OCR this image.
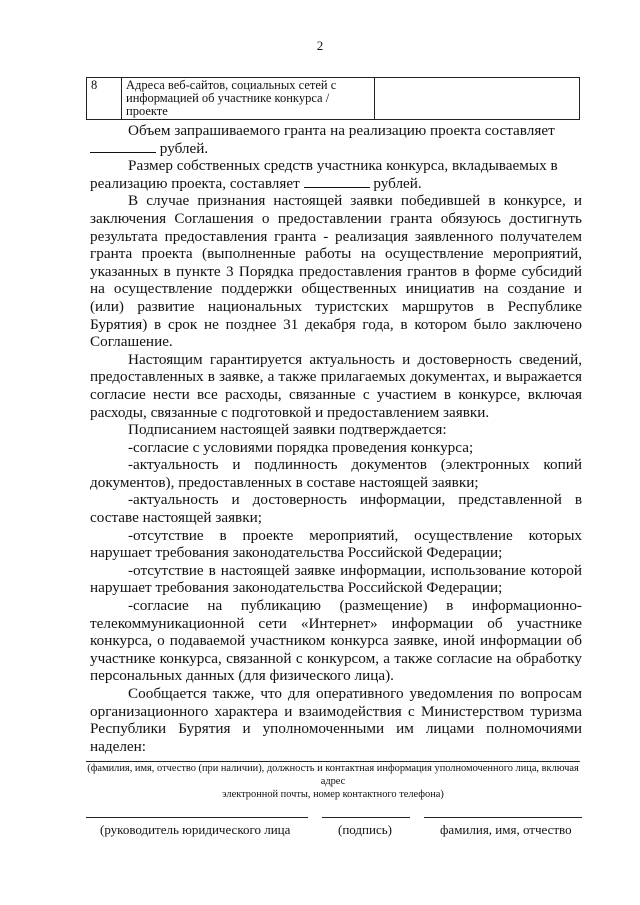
2
8	Адреса веб-сайтов, социальных сетей с
информацией об участнике конкурса /
проекте

Объем запрашиваемого гранта на реализацию проекта составляет

рублей.

Размер собственных средств участника конкурса, вкладываемых в

реализацию проекта, составляет	рублей.

В случае признания настоящей заявки победившей в конкурсе, и заключения Соглашения о предоставлении гранта обязуюсь достигнуть результата предоставления гранта - реализация заявленного получателем гранта проекта (выполненные работы на осуществление мероприятий, указанных в пункте 3 Порядка предоставления грантов в форме субсидий на осуществление поддержки общественных инициатив на создание и (или) развитие национальных туристских маршрутов в Республике Бурятия) в срок не позднее 31 декабря года, в котором было заключено Соглашение.

Настоящим гарантируется актуальность и достоверность сведений, предоставленных в заявке, а также прилагаемых документах, и выражается согласие нести все расходы, связанные с участием в конкурсе, включая расходы, связанные с подготовкой и предоставлением заявки.

Подписанием настоящей заявки подтверждается:

-согласие с условиями порядка проведения конкурса;

-актуальность и подлинность документов (электронных копий документов), предоставленных в составе настоящей заявки;

-актуальность и достоверность информации, представленной в составе настоящей заявки;

-отсутствие в проекте мероприятий, осуществление которых нарушает требования законодательства Российской Федерации;

-отсутствие в настоящей заявке информации, использование которой нарушает требования законодательства Российской Федерации;

-согласие на публикацию (размещение) в информационно-телекоммуникационной сети «Интернет» информации об участнике конкурса, о подаваемой участником конкурса заявке, иной информации об участнике конкурса, связанной с конкурсом, а также согласие на обработку персональных данных (для физического лица).

Сообщается также, что для оперативного уведомления по вопросам организационного характера и взаимодействия с Министерством туризма Республики Бурятия и уполномоченными им лицами полномочиями наделен:

(фамилия, имя, отчество (при наличии), должность и контактная информация уполномоченного лица, включая адрес
электронной почты, номер контактного телефона)
(руководитель юридического лица	(подпись)	фамилия, имя, отчество
